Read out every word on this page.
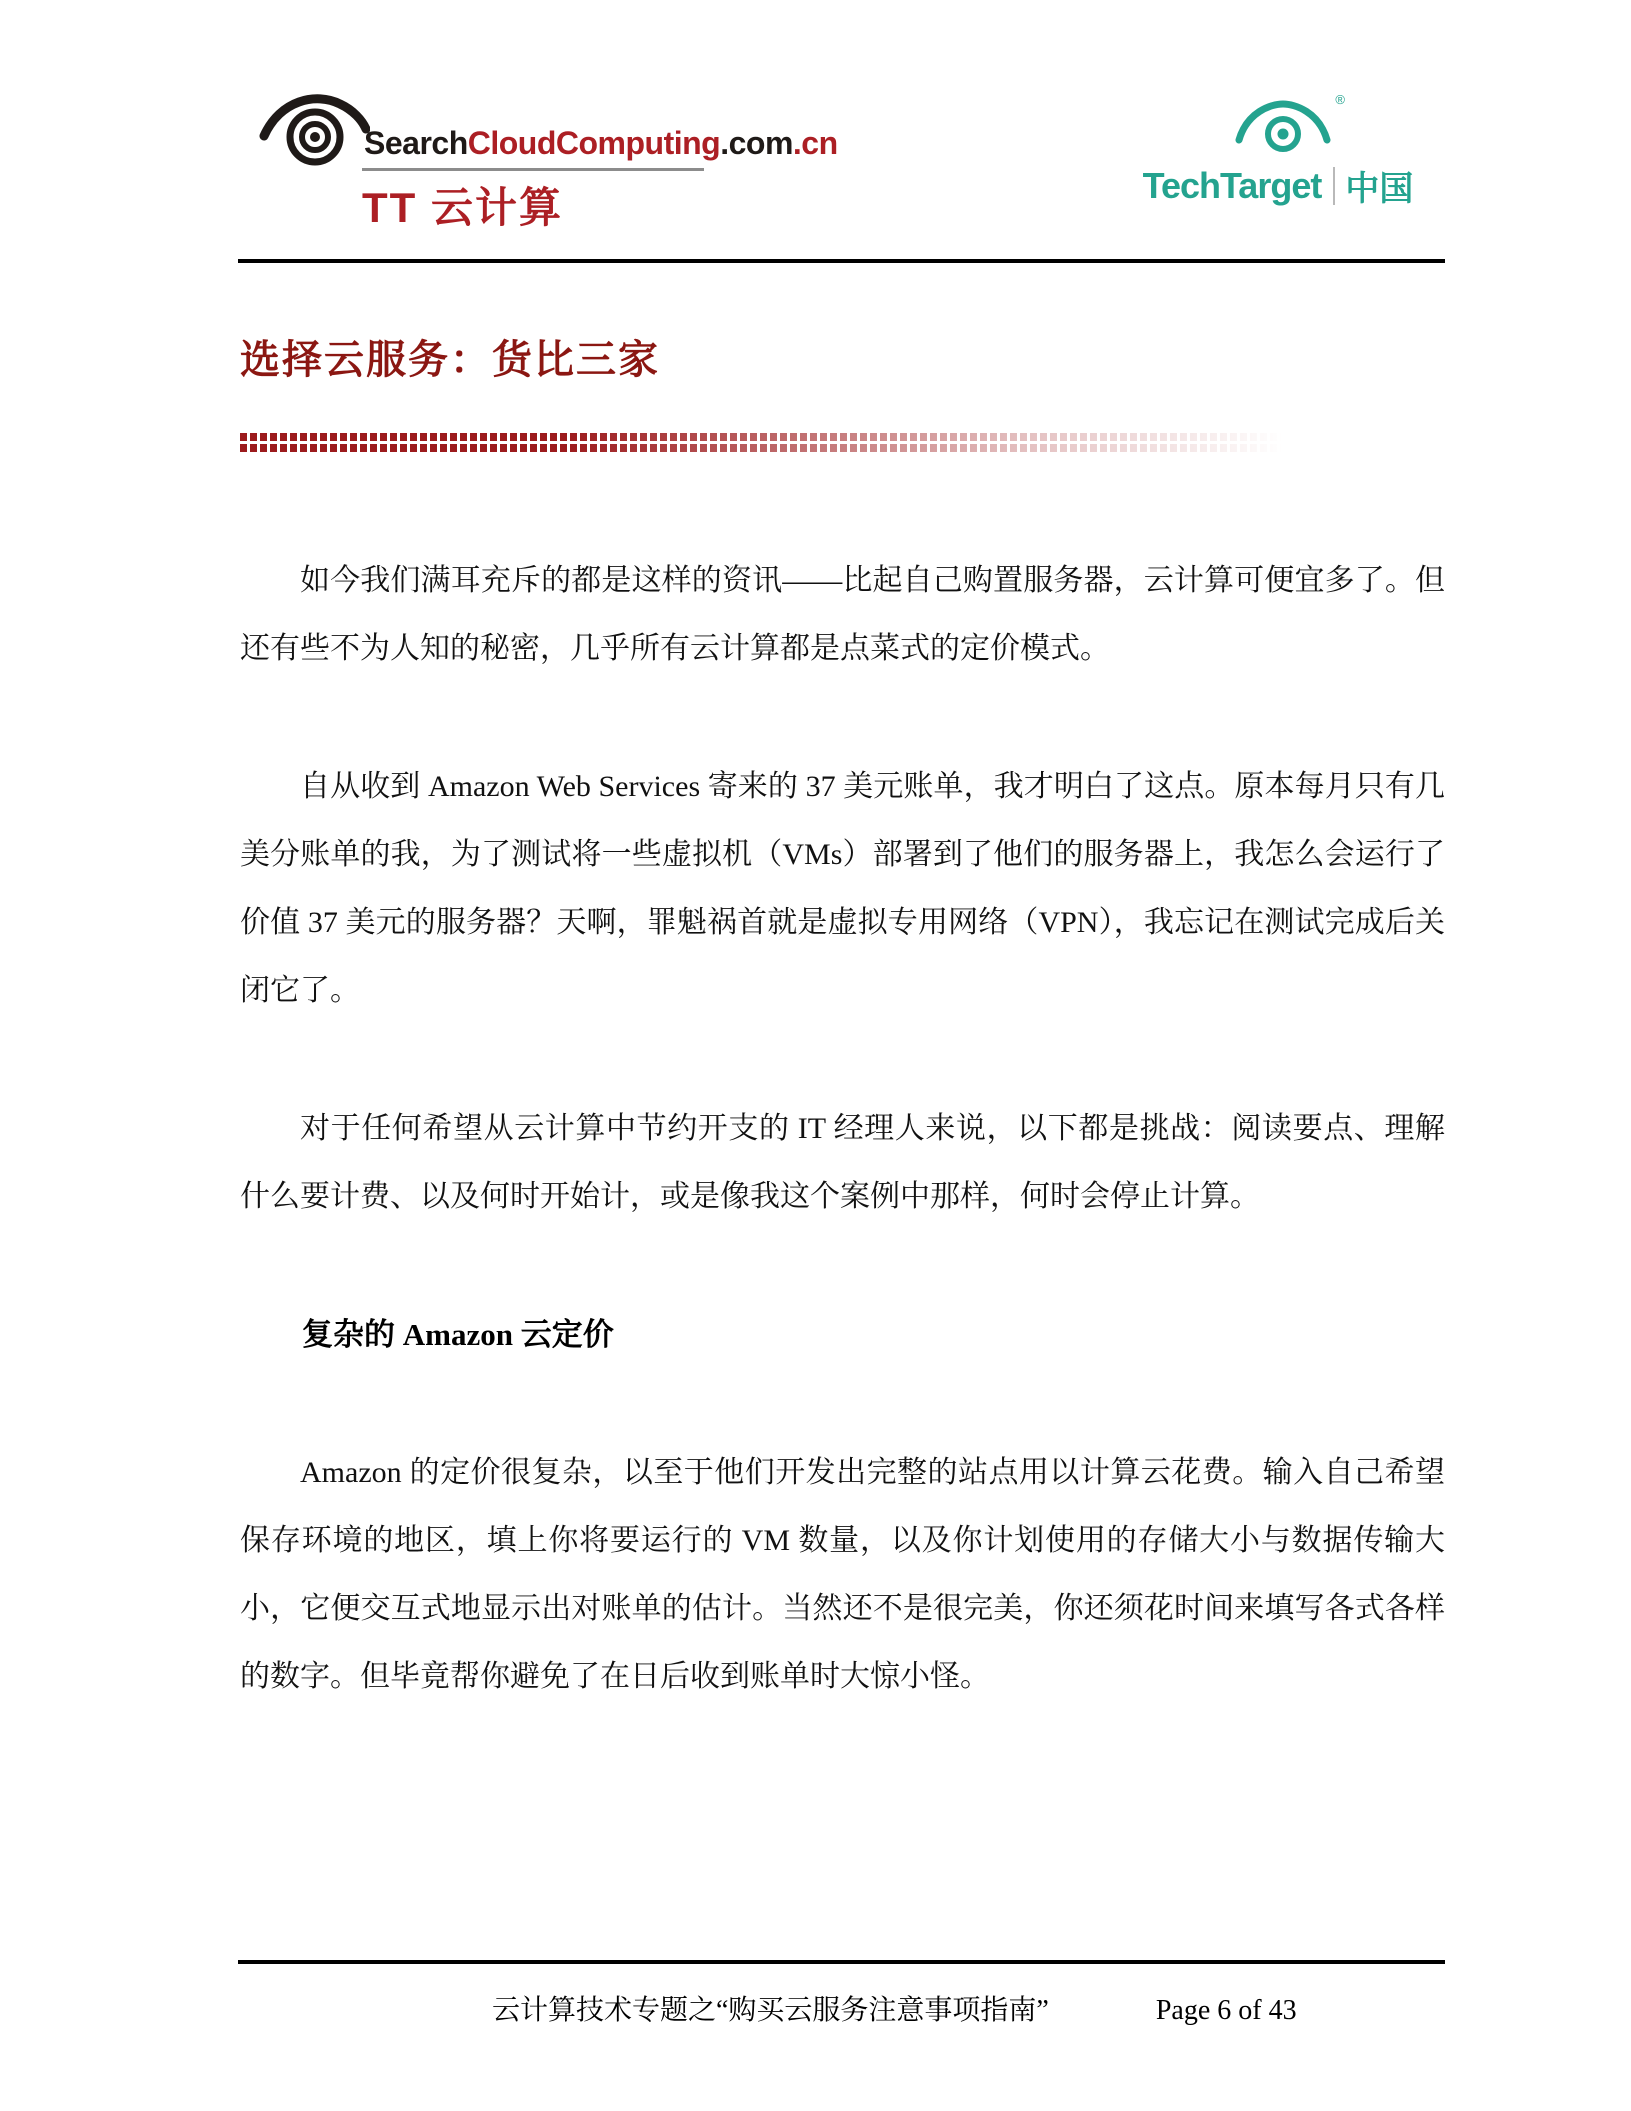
SearchCloudComputing.com.cn
TT 云计算
®
TechTarget 中国
选择云服务：货比三家

如今我们满耳充斥的都是这样的资讯——比起自己购置服务器，云计算可便宜多了。但还有些不为人知的秘密，几乎所有云计算都是点菜式的定价模式。

自从收到 Amazon Web Services 寄来的 37 美元账单，我才明白了这点。原本每月只有几美分账单的我，为了测试将一些虚拟机（VMs）部署到了他们的服务器上，我怎么会运行了价值 37 美元的服务器？天啊，罪魁祸首就是虚拟专用网络（VPN），我忘记在测试完成后关闭它了。

对于任何希望从云计算中节约开支的 IT 经理人来说，以下都是挑战：阅读要点、理解什么要计费、以及何时开始计，或是像我这个案例中那样，何时会停止计算。

复杂的 Amazon 云定价

Amazon 的定价很复杂，以至于他们开发出完整的站点用以计算云花费。输入自己希望保存环境的地区，填上你将要运行的 VM 数量，以及你计划使用的存储大小与数据传输大小，它便交互式地显示出对账单的估计。当然还不是很完美，你还须花时间来填写各式各样的数字。但毕竟帮你避免了在日后收到账单时大惊小怪。

云计算技术专题之“购买云服务注意事项指南”	Page 6 of 43
